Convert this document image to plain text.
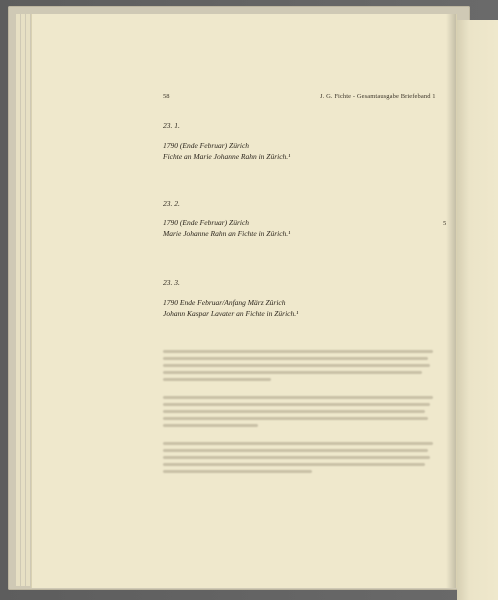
58	J. G. Fichte - Gesamtausgabe Briefeband 1
23. 1.
1790 (Ende Februar) Zürich
Fichte an Marie Johanne Rahn in Zürich.¹
23. 2.
1790 (Ende Februar) Zürich
Marie Johanne Rahn an Fichte in Zürich.¹
5
23. 3.
1790 Ende Februar/Anfang März Zürich
Johann Kaspar Lavater an Fichte in Zürich.¹
